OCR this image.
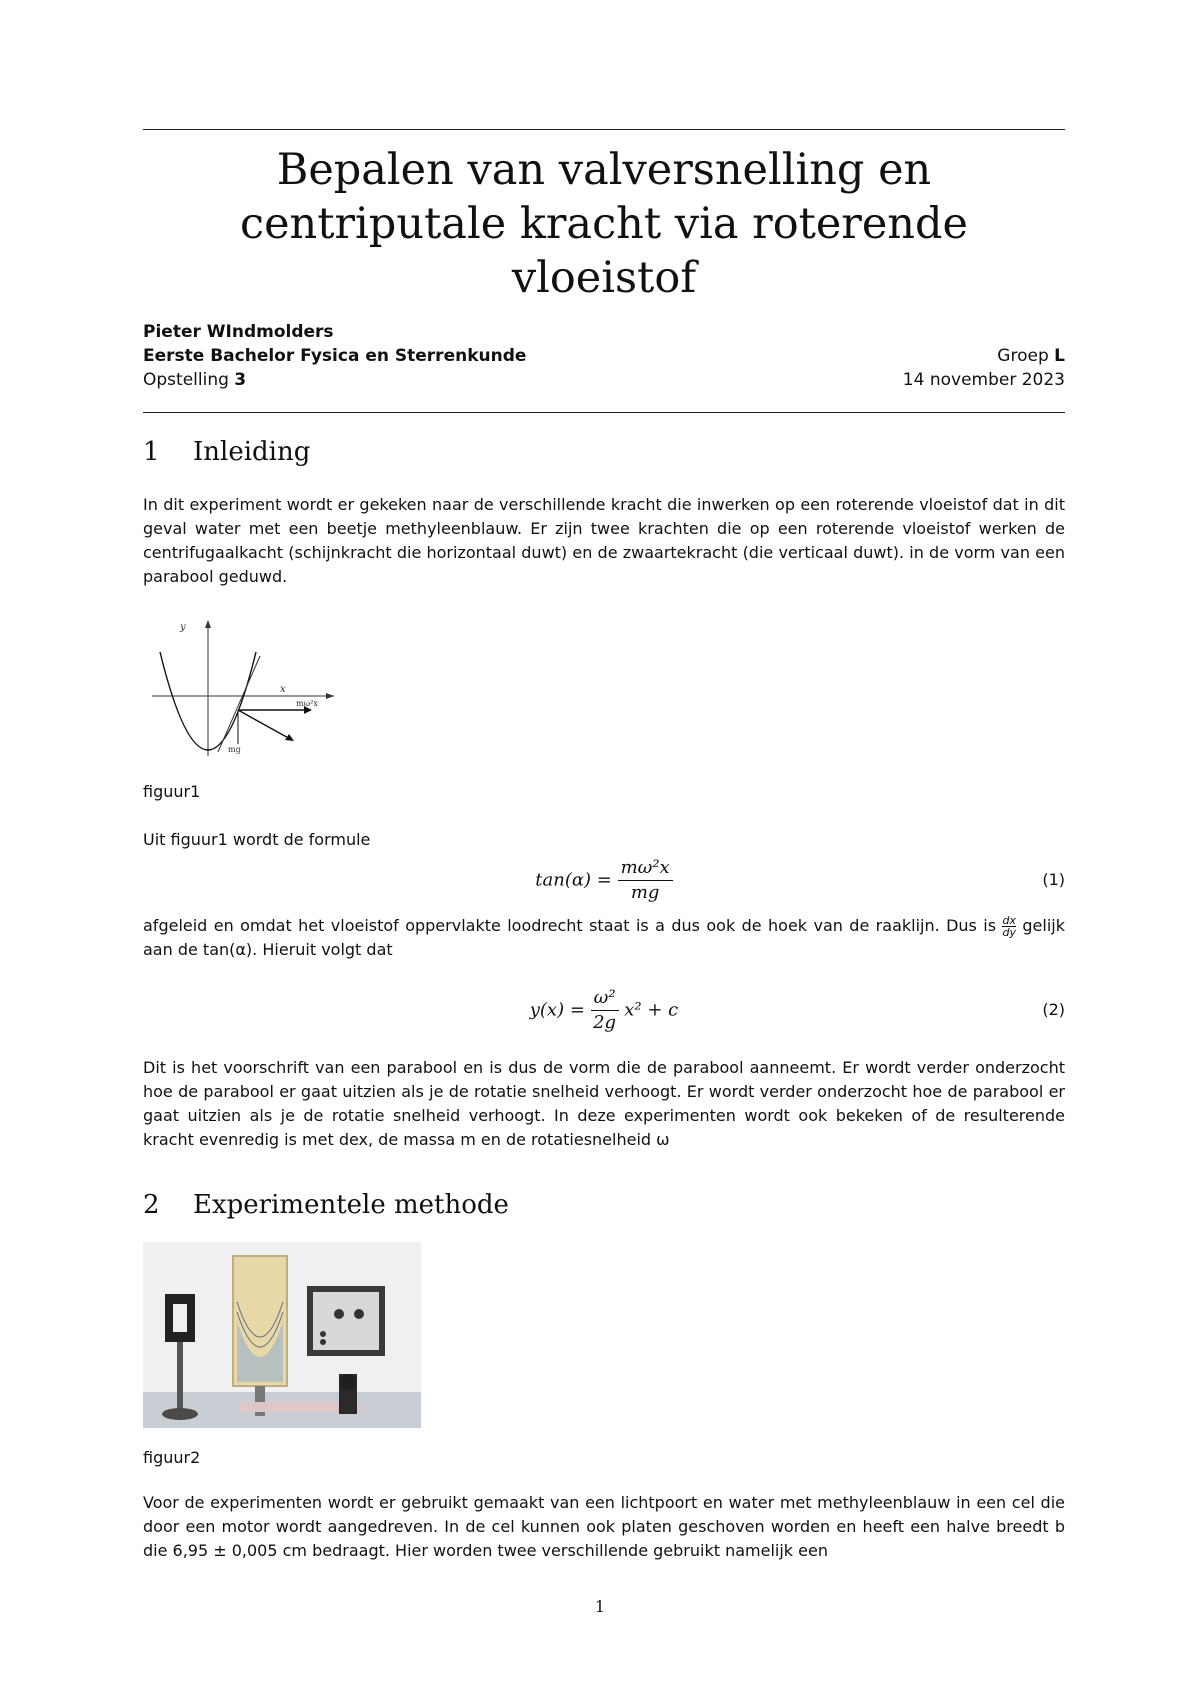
Bepalen van valversnelling en centriputale kracht via roterende vloeistof
Pieter WIndmolders
Eerste Bachelor Fysica en Sterrenkunde	Groep L
Opstelling 3	14 november 2023
1 Inleiding

In dit experiment wordt er gekeken naar de verschillende kracht die inwerken op een roterende vloeistof dat in dit geval water met een beetje methyleenblauw. Er zijn twee krachten die op een roterende vloeistof werken de centrifugaalkacht (schijnkracht die horizontaal duwt) en de zwaartekracht (die verticaal duwt). in de vorm van een parabool geduwd.

y
x
mω²x
mg
figuur1
Uit figuur1 wordt de formule
$\tan(\alpha) = \frac{\text{mω²x}}{mg}$	(1)

afgeleid en omdat het vloeistof oppervlakte loodrecht staat is a dus ook de hoek van de raaklijn. Dus is $\frac{dx}{dy}$ gelijk aan de tan(α). Hieruit volgt dat

$y(x) = \frac{\text{ω²}}{2g} x^2 + c$	(2)

Dit is het voorschrift van een parabool en is dus de vorm die de parabool aanneemt. Er wordt verder onderzocht hoe de parabool er gaat uitzien als je de rotatie snelheid verhoogt. Er wordt verder onderzocht hoe de parabool er gaat uitzien als je de rotatie snelheid verhoogt. In deze experimenten wordt ook bekeken of de resulterende kracht evenredig is met dex, de massa m en de rotatiesnelheid ω

2 Experimentele methode
figuur2

Voor de experimenten wordt er gebruikt gemaakt van een lichtpoort en water met methyleenblauw in een cel die door een motor wordt aangedreven. In de cel kunnen ook platen geschoven worden en heeft een halve breedt b die 6,95 ± 0,005 cm bedraagt. Hier worden twee verschillende gebruikt namelijk een

1
